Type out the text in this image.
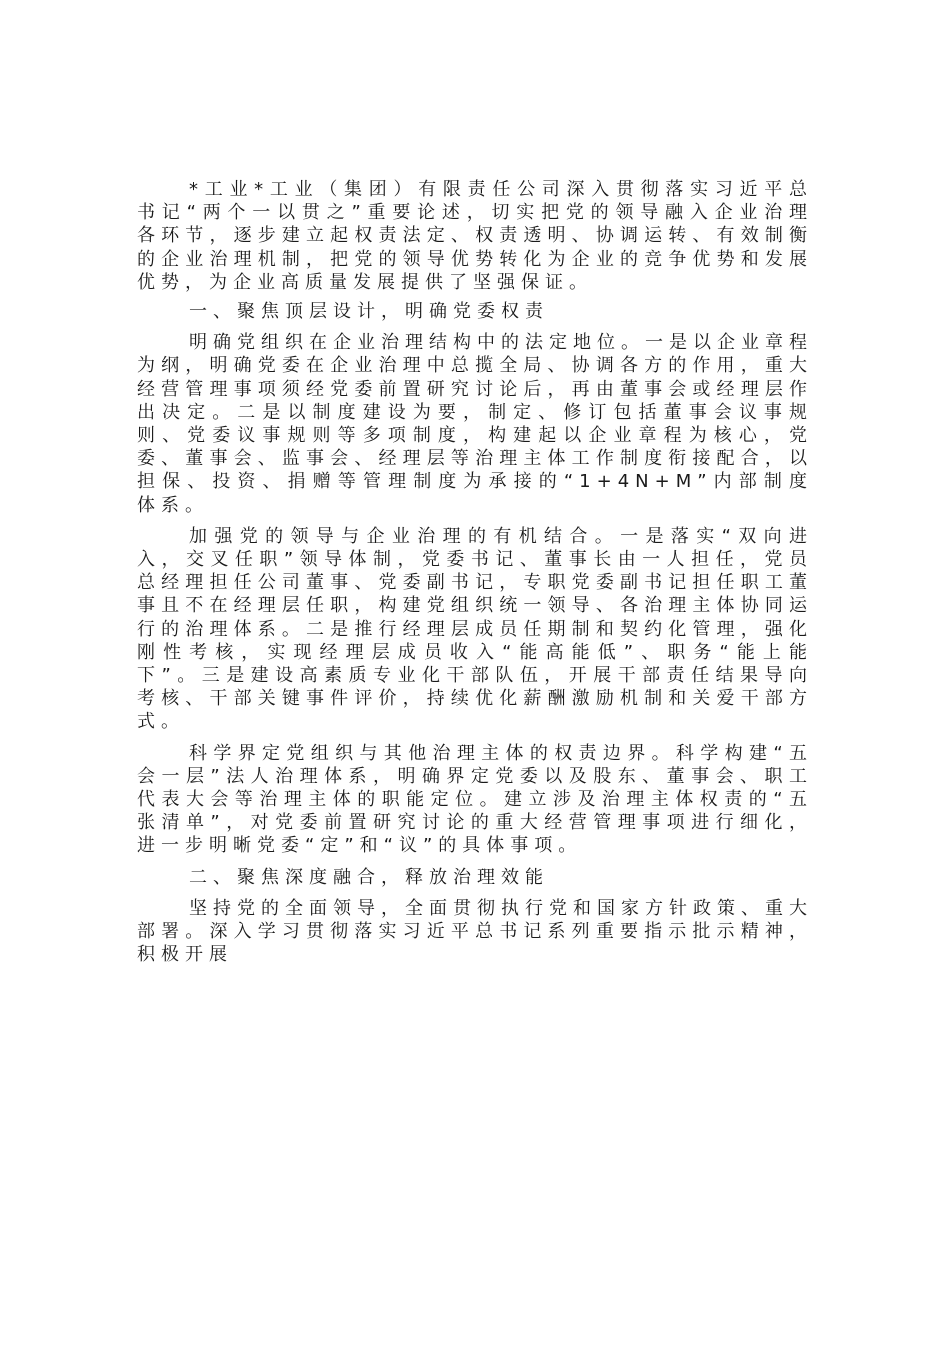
*工业*工业（集团）有限责任公司深入贯彻落实习近平总书记“两个一以贯之”重要论述，切实把党的领导融入企业治理各环节，逐步建立起权责法定、权责透明、协调运转、有效制衡的企业治理机制，把党的领导优势转化为企业的竞争优势和发展优势，为企业高质量发展提供了坚强保证。

一、聚焦顶层设计，明确党委权责

明确党组织在企业治理结构中的法定地位。一是以企业章程为纲，明确党委在企业治理中总揽全局、协调各方的作用，重大经营管理事项须经党委前置研究讨论后，再由董事会或经理层作出决定。二是以制度建设为要，制定、修订包括董事会议事规则、党委议事规则等多项制度，构建起以企业章程为核心，党委、董事会、监事会、经理层等治理主体工作制度衔接配合，以担保、投资、捐赠等管理制度为承接的“1+4N+M”内部制度体系。

加强党的领导与企业治理的有机结合。一是落实“双向进入，交叉任职”领导体制，党委书记、董事长由一人担任，党员总经理担任公司董事、党委副书记，专职党委副书记担任职工董事且不在经理层任职，构建党组织统一领导、各治理主体协同运行的治理体系。二是推行经理层成员任期制和契约化管理，强化刚性考核，实现经理层成员收入“能高能低”、职务“能上能下”。三是建设高素质专业化干部队伍，开展干部责任结果导向考核、干部关键事件评价，持续优化薪酬激励机制和关爱干部方式。

科学界定党组织与其他治理主体的权责边界。科学构建“五会一层”法人治理体系，明确界定党委以及股东、董事会、职工代表大会等治理主体的职能定位。建立涉及治理主体权责的“五张清单”，对党委前置研究讨论的重大经营管理事项进行细化，进一步明晰党委“定”和“议”的具体事项。

二、聚焦深度融合，释放治理效能

坚持党的全面领导，全面贯彻执行党和国家方针政策、重大部署。深入学习贯彻落实习近平总书记系列重要指示批示精神，积极开展
